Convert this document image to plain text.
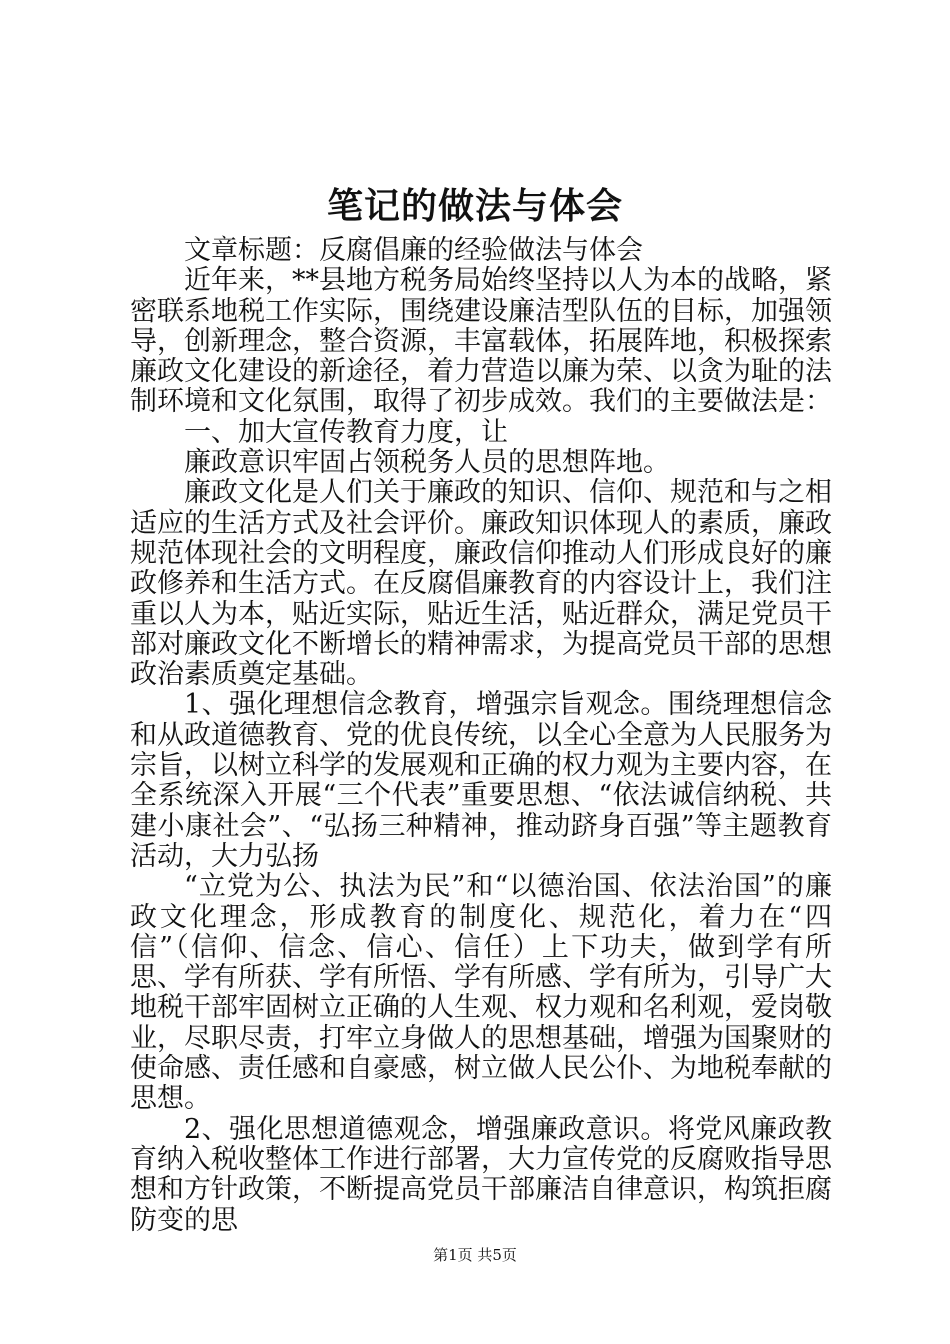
笔记的做法与体会

文章标题：反腐倡廉的经验做法与体会

近年来，**县地方税务局始终坚持以人为本的战略，紧密联系地税工作实际，围绕建设廉洁型队伍的目标，加强领导，创新理念，整合资源，丰富载体，拓展阵地，积极探索廉政文化建设的新途径，着力营造以廉为荣、以贪为耻的法制环境和文化氛围，取得了初步成效。我们的主要做法是：

一、加大宣传教育力度，让

廉政意识牢固占领税务人员的思想阵地。

廉政文化是人们关于廉政的知识、信仰、规范和与之相适应的生活方式及社会评价。廉政知识体现人的素质，廉政规范体现社会的文明程度，廉政信仰推动人们形成良好的廉政修养和生活方式。在反腐倡廉教育的内容设计上，我们注重以人为本，贴近实际，贴近生活，贴近群众，满足党员干部对廉政文化不断增长的精神需求，为提高党员干部的思想政治素质奠定基础。

1、强化理想信念教育，增强宗旨观念。围绕理想信念和从政道德教育、党的优良传统，以全心全意为人民服务为宗旨，以树立科学的发展观和正确的权力观为主要内容，在全系统深入开展“三个代表”重要思想、“依法诚信纳税、共建小康社会”、“弘扬三种精神，推动跻身百强”等主题教育活动，大力弘扬

“立党为公、执法为民”和“以德治国、依法治国”的廉政文化理念，形成教育的制度化、规范化，着力在“四信”（信仰、信念、信心、信任）上下功夫，做到学有所思、学有所获、学有所悟、学有所感、学有所为，引导广大地税干部牢固树立正确的人生观、权力观和名利观，爱岗敬业，尽职尽责，打牢立身做人的思想基础，增强为国聚财的使命感、责任感和自豪感，树立做人民公仆、为地税奉献的思想。

2、强化思想道德观念，增强廉政意识。将党风廉政教育纳入税收整体工作进行部署，大力宣传党的反腐败指导思想和方针政策，不断提高党员干部廉洁自律意识，构筑拒腐防变的思

第1页 共5页
